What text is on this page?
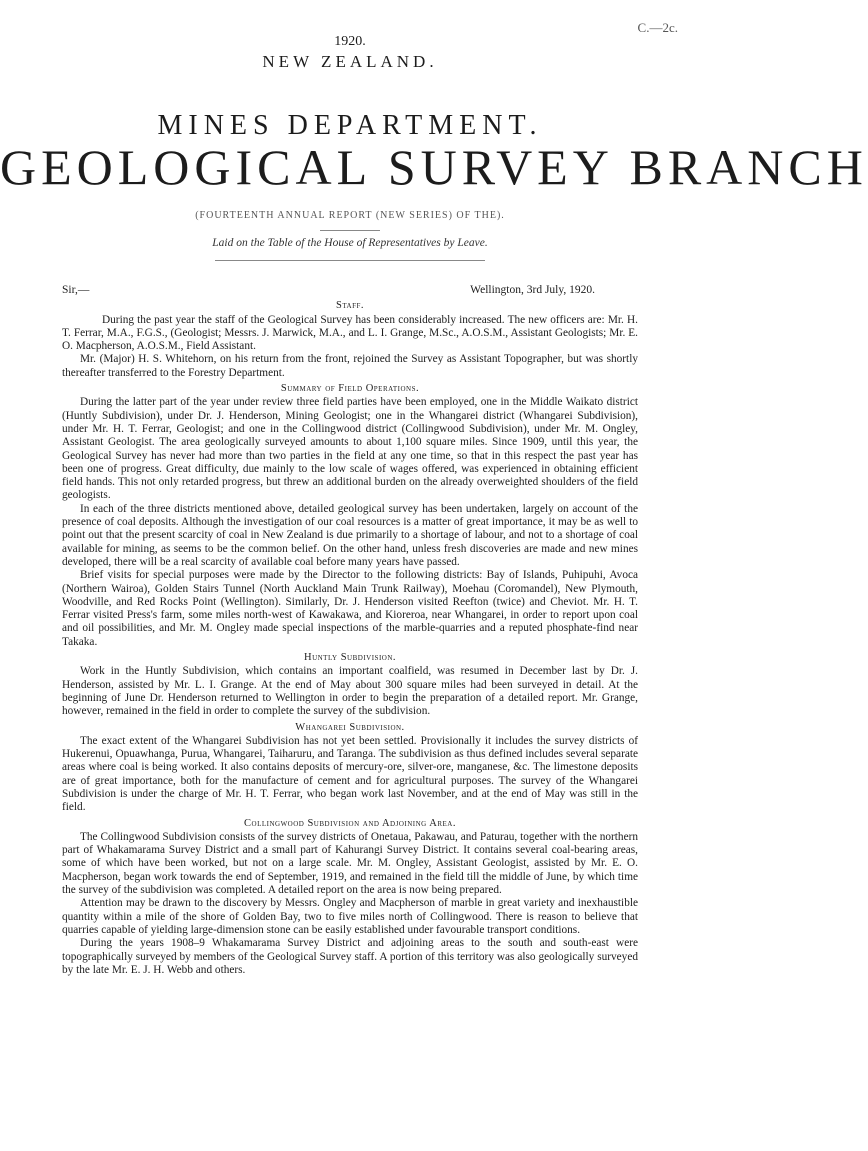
C.—2c.
1920.
NEW ZEALAND.
MINES DEPARTMENT.
GEOLOGICAL SURVEY BRANCH
(FOURTEENTH ANNUAL REPORT (NEW SERIES) OF THE).
Laid on the Table of the House of Representatives by Leave.
Sir,—	Wellington, 3rd July, 1920.
Staff.

During the past year the staff of the Geological Survey has been considerably increased. The new officers are: Mr. H. T. Ferrar, M.A., F.G.S., (Geologist; Messrs. J. Marwick, M.A., and L. I. Grange, M.Sc., A.O.S.M., Assistant Geologists; Mr. E. O. Macpherson, A.O.S.M., Field Assistant.

Mr. (Major) H. S. Whitehorn, on his return from the front, rejoined the Survey as Assistant Topographer, but was shortly thereafter transferred to the Forestry Department.

Summary of Field Operations.

During the latter part of the year under review three field parties have been employed, one in the Middle Waikato district (Huntly Subdivision), under Dr. J. Henderson, Mining Geologist; one in the Whangarei district (Whangarei Subdivision), under Mr. H. T. Ferrar, Geologist; and one in the Collingwood district (Collingwood Subdivision), under Mr. M. Ongley, Assistant Geologist. The area geologically surveyed amounts to about 1,100 square miles. Since 1909, until this year, the Geological Survey has never had more than two parties in the field at any one time, so that in this respect the past year has been one of progress. Great difficulty, due mainly to the low scale of wages offered, was experienced in obtaining efficient field hands. This not only retarded progress, but threw an additional burden on the already overweighted shoulders of the field geologists.

In each of the three districts mentioned above, detailed geological survey has been undertaken, largely on account of the presence of coal deposits. Although the investigation of our coal resources is a matter of great importance, it may be as well to point out that the present scarcity of coal in New Zealand is due primarily to a shortage of labour, and not to a shortage of coal available for mining, as seems to be the common belief. On the other hand, unless fresh discoveries are made and new mines developed, there will be a real scarcity of available coal before many years have passed.

Brief visits for special purposes were made by the Director to the following districts: Bay of Islands, Puhipuhi, Avoca (Northern Wairoa), Golden Stairs Tunnel (North Auckland Main Trunk Railway), Moehau (Coromandel), New Plymouth, Woodville, and Red Rocks Point (Wellington). Similarly, Dr. J. Henderson visited Reefton (twice) and Cheviot. Mr. H. T. Ferrar visited Press's farm, some miles north-west of Kawakawa, and Kioreroa, near Whangarei, in order to report upon coal and oil possibilities, and Mr. M. Ongley made special inspections of the marble-quarries and a reputed phosphate-find near Takaka.

Huntly Subdivision.

Work in the Huntly Subdivision, which contains an important coalfield, was resumed in December last by Dr. J. Henderson, assisted by Mr. L. I. Grange. At the end of May about 300 square miles had been surveyed in detail. At the beginning of June Dr. Henderson returned to Wellington in order to begin the preparation of a detailed report. Mr. Grange, however, remained in the field in order to complete the survey of the subdivision.

Whangarei Subdivision.

The exact extent of the Whangarei Subdivision has not yet been settled. Provisionally it includes the survey districts of Hukerenui, Opuawhanga, Purua, Whangarei, Taiharuru, and Taranga. The subdivision as thus defined includes several separate areas where coal is being worked. It also contains deposits of mercury-ore, silver-ore, manganese, &c. The limestone deposits are of great importance, both for the manufacture of cement and for agricultural purposes. The survey of the Whangarei Subdivision is under the charge of Mr. H. T. Ferrar, who began work last November, and at the end of May was still in the field.

Collingwood Subdivision and Adjoining Area.

The Collingwood Subdivision consists of the survey districts of Onetaua, Pakawau, and Paturau, together with the northern part of Whakamarama Survey District and a small part of Kahurangi Survey District. It contains several coal-bearing areas, some of which have been worked, but not on a large scale. Mr. M. Ongley, Assistant Geologist, assisted by Mr. E. O. Macpherson, began work towards the end of September, 1919, and remained in the field till the middle of June, by which time the survey of the subdivision was completed. A detailed report on the area is now being prepared.

Attention may be drawn to the discovery by Messrs. Ongley and Macpherson of marble in great variety and inexhaustible quantity within a mile of the shore of Golden Bay, two to five miles north of Collingwood. There is reason to believe that quarries capable of yielding large-dimension stone can be easily established under favourable transport conditions.

During the years 1908–9 Whakamarama Survey District and adjoining areas to the south and south-east were topographically surveyed by members of the Geological Survey staff. A portion of this territory was also geologically surveyed by the late Mr. E. J. H. Webb and others.
